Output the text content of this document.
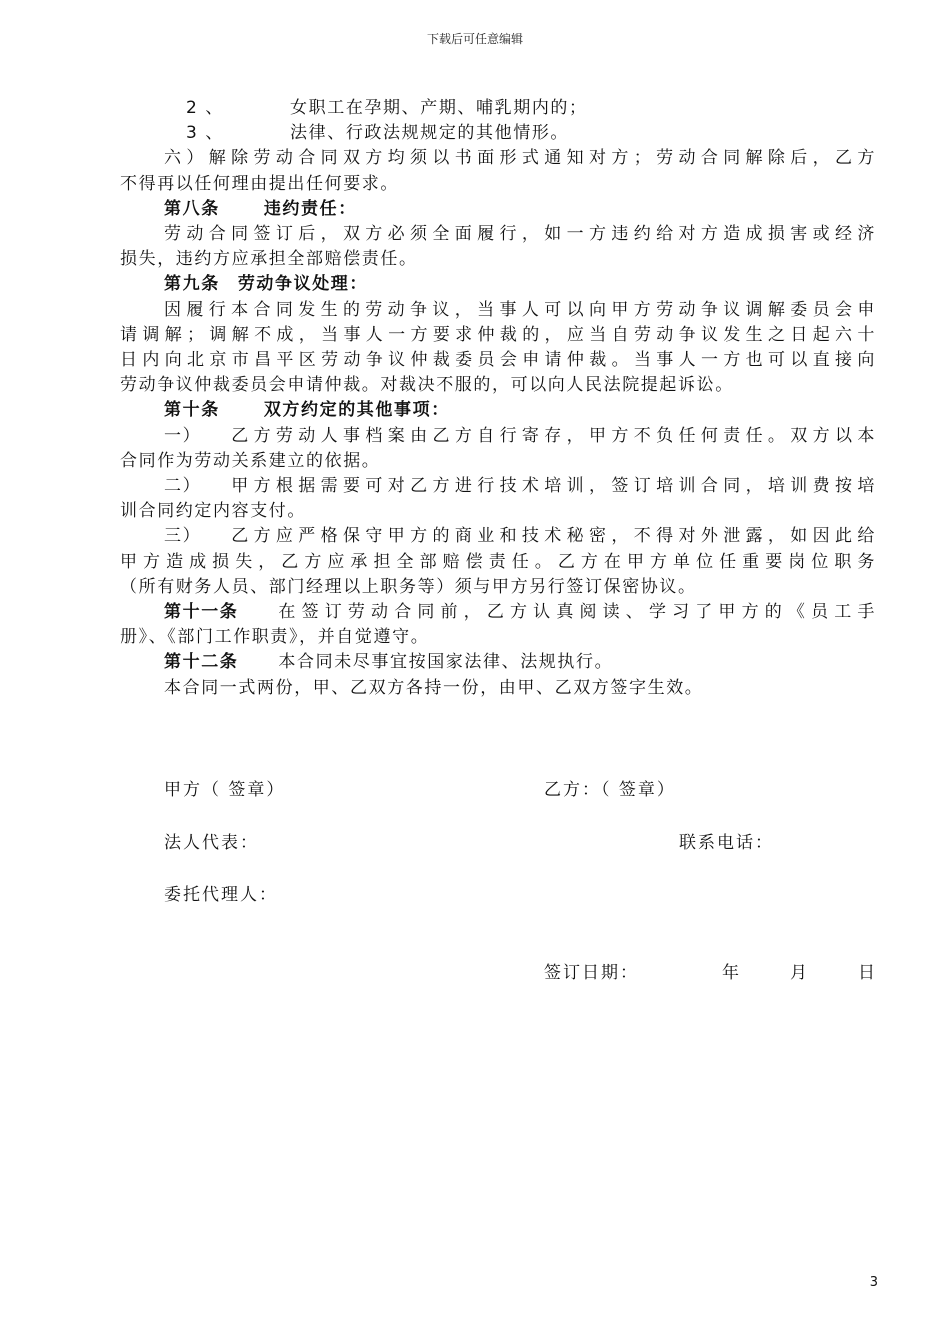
下载后可任意编辑
2 、	女职工在孕期、产期、哺乳期内的；
3 、	法律、行政法规规定的其他情形。
六）解除劳动合同双方均须以书面形式通知对方；劳动合同解除后，乙方
不得再以任何理由提出任何要求。
第八条	违约责任：
劳动合同签订后，双方必须全面履行，如一方违约给对方造成损害或经济
损失，违约方应承担全部赔偿责任。
第九条 劳动争议处理：
因履行本合同发生的劳动争议，当事人可以向甲方劳动争议调解委员会申
请调解；调解不成，当事人一方要求仲裁的，应当自劳动争议发生之日起六十
日内向北京市昌平区劳动争议仲裁委员会申请仲裁。当事人一方也可以直接向
劳动争议仲裁委员会申请仲裁。对裁决不服的，可以向人民法院提起诉讼。
第十条	双方约定的其他事项：
一） 乙方劳动人事档案由乙方自行寄存，甲方不负任何责任。双方以本
合同作为劳动关系建立的依据。
二） 甲方根据需要可对乙方进行技术培训，签订培训合同，培训费按培
训合同约定内容支付。
三） 乙方应严格保守甲方的商业和技术秘密，不得对外泄露，如因此给
甲方造成损失，乙方应承担全部赔偿责任。乙方在甲方单位任重要岗位职务
（所有财务人员、部门经理以上职务等）须与甲方另行签订保密协议。
第十一条 在签订劳动合同前，乙方认真阅读、学习了甲方的《员工手
册》、《部门工作职责》，并自觉遵守。
第十二条 本合同未尽事宜按国家法律、法规执行。
本合同一式两份，甲、乙双方各持一份，由甲、乙双方签字生效。
甲方（ 签章）	乙方：（ 签章）
法人代表：	联系电话：
委托代理人：
签订日期：	年	月	日
3
